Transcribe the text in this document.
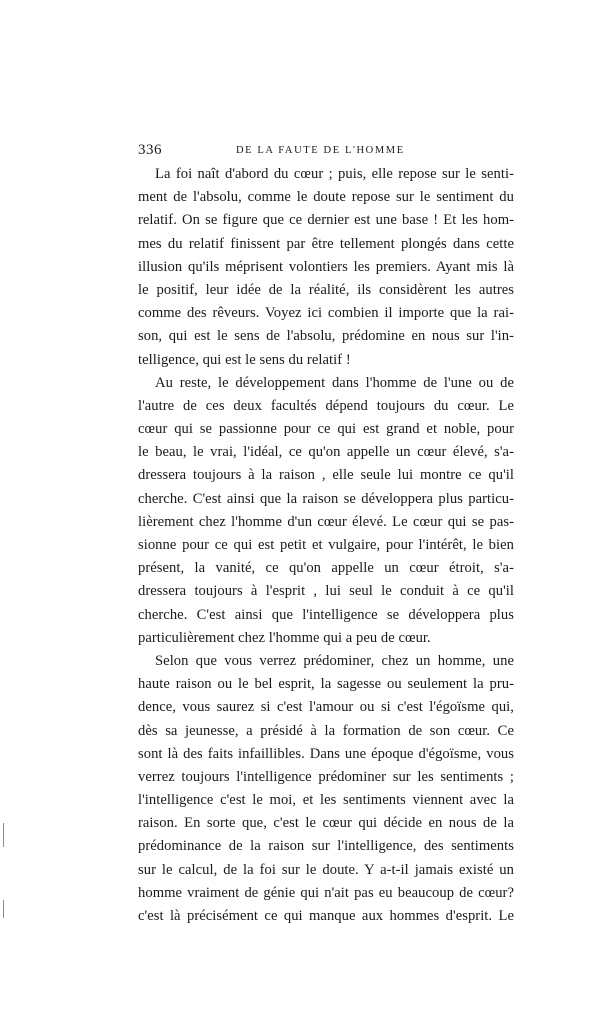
336	DE LA FAUTE DE L'HOMME
La foi naît d'abord du cœur ; puis, elle repose sur le senti-
ment de l'absolu, comme le doute repose sur le sentiment du
relatif. On se figure que ce dernier est une base ! Et les hom-
mes du relatif finissent par être tellement plongés dans cette
illusion qu'ils méprisent volontiers les premiers. Ayant mis là
le positif, leur idée de la réalité, ils considèrent les autres
comme des rêveurs. Voyez ici combien il importe que la rai-
son, qui est le sens de l'absolu, prédomine en nous sur l'in-
telligence, qui est le sens du relatif !
Au reste, le développement dans l'homme de l'une ou de
l'autre de ces deux facultés dépend toujours du cœur. Le
cœur qui se passionne pour ce qui est grand et noble, pour
le beau, le vrai, l'idéal, ce qu'on appelle un cœur élevé, s'a-
dressera toujours à la raison , elle seule lui montre ce qu'il
cherche. C'est ainsi que la raison se développera plus particu-
lièrement chez l'homme d'un cœur élevé. Le cœur qui se pas-
sionne pour ce qui est petit et vulgaire, pour l'intérêt, le bien
présent, la vanité, ce qu'on appelle un cœur étroit, s'a-
dressera toujours à l'esprit , lui seul le conduit à ce qu'il
cherche. C'est ainsi que l'intelligence se développera plus
particulièrement chez l'homme qui a peu de cœur.
Selon que vous verrez prédominer, chez un homme, une
haute raison ou le bel esprit, la sagesse ou seulement la pru-
dence, vous saurez si c'est l'amour ou si c'est l'égoïsme qui,
dès sa jeunesse, a présidé à la formation de son cœur. Ce
sont là des faits infaillibles. Dans une époque d'égoïsme, vous
verrez toujours l'intelligence prédominer sur les sentiments ;
l'intelligence c'est le moi, et les sentiments viennent avec la
raison. En sorte que, c'est le cœur qui décide en nous de la
prédominance de la raison sur l'intelligence, des sentiments
sur le calcul, de la foi sur le doute. Y a-t-il jamais existé un
homme vraiment de génie qui n'ait pas eu beaucoup de cœur?
c'est là précisément ce qui manque aux hommes d'esprit. Le
